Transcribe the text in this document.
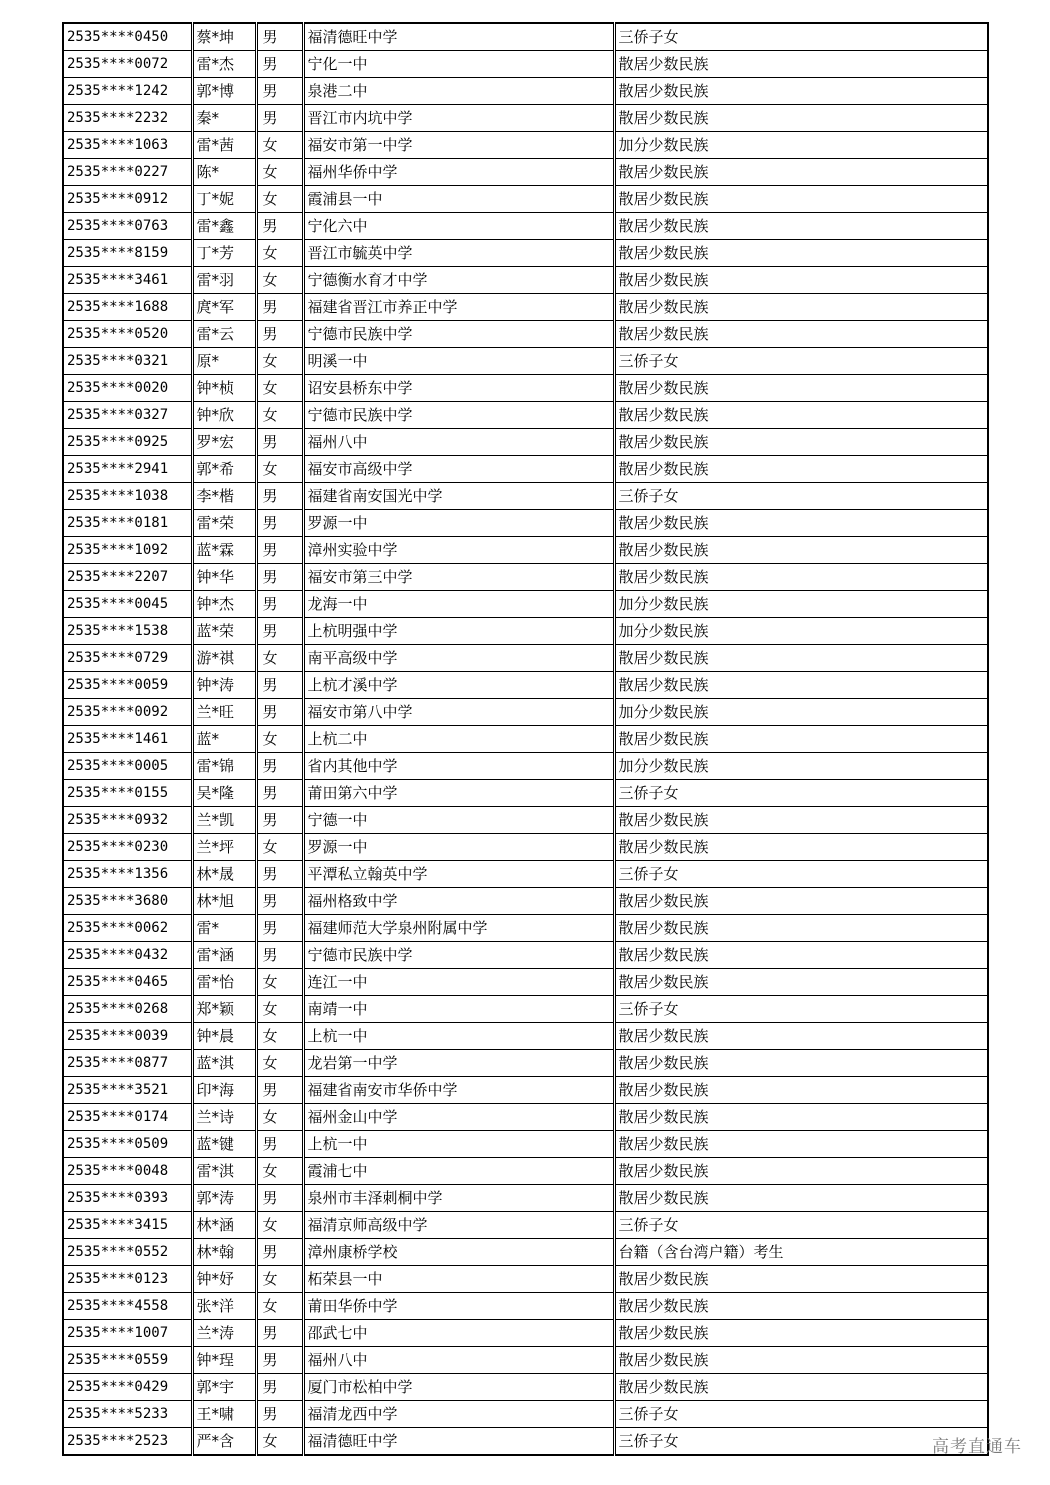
2535****0450	蔡*坤	男	福清德旺中学	三侨子女
2535****0072	雷*杰	男	宁化一中	散居少数民族
2535****1242	郭*博	男	泉港二中	散居少数民族
2535****2232	秦*	男	晋江市内坑中学	散居少数民族
2535****1063	雷*茜	女	福安市第一中学	加分少数民族
2535****0227	陈*	女	福州华侨中学	散居少数民族
2535****0912	丁*妮	女	霞浦县一中	散居少数民族
2535****0763	雷*鑫	男	宁化六中	散居少数民族
2535****8159	丁*芳	女	晋江市毓英中学	散居少数民族
2535****3461	雷*羽	女	宁德衡水育才中学	散居少数民族
2535****1688	庹*军	男	福建省晋江市养正中学	散居少数民族
2535****0520	雷*云	男	宁德市民族中学	散居少数民族
2535****0321	原*	女	明溪一中	三侨子女
2535****0020	钟*桢	女	诏安县桥东中学	散居少数民族
2535****0327	钟*欣	女	宁德市民族中学	散居少数民族
2535****0925	罗*宏	男	福州八中	散居少数民族
2535****2941	郭*希	女	福安市高级中学	散居少数民族
2535****1038	李*楷	男	福建省南安国光中学	三侨子女
2535****0181	雷*荣	男	罗源一中	散居少数民族
2535****1092	蓝*霖	男	漳州实验中学	散居少数民族
2535****2207	钟*华	男	福安市第三中学	散居少数民族
2535****0045	钟*杰	男	龙海一中	加分少数民族
2535****1538	蓝*荣	男	上杭明强中学	加分少数民族
2535****0729	游*祺	女	南平高级中学	散居少数民族
2535****0059	钟*涛	男	上杭才溪中学	散居少数民族
2535****0092	兰*旺	男	福安市第八中学	加分少数民族
2535****1461	蓝*	女	上杭二中	散居少数民族
2535****0005	雷*锦	男	省内其他中学	加分少数民族
2535****0155	吴*隆	男	莆田第六中学	三侨子女
2535****0932	兰*凯	男	宁德一中	散居少数民族
2535****0230	兰*坪	女	罗源一中	散居少数民族
2535****1356	林*晟	男	平潭私立翰英中学	三侨子女
2535****3680	林*旭	男	福州格致中学	散居少数民族
2535****0062	雷*	男	福建师范大学泉州附属中学	散居少数民族
2535****0432	雷*涵	男	宁德市民族中学	散居少数民族
2535****0465	雷*怡	女	连江一中	散居少数民族
2535****0268	郑*颖	女	南靖一中	三侨子女
2535****0039	钟*晨	女	上杭一中	散居少数民族
2535****0877	蓝*淇	女	龙岩第一中学	散居少数民族
2535****3521	印*海	男	福建省南安市华侨中学	散居少数民族
2535****0174	兰*诗	女	福州金山中学	散居少数民族
2535****0509	蓝*键	男	上杭一中	散居少数民族
2535****0048	雷*淇	女	霞浦七中	散居少数民族
2535****0393	郭*涛	男	泉州市丰泽刺桐中学	散居少数民族
2535****3415	林*涵	女	福清京师高级中学	三侨子女
2535****0552	林*翰	男	漳州康桥学校	台籍（含台湾户籍）考生
2535****0123	钟*妤	女	柘荣县一中	散居少数民族
2535****4558	张*洋	女	莆田华侨中学	散居少数民族
2535****1007	兰*涛	男	邵武七中	散居少数民族
2535****0559	钟*珵	男	福州八中	散居少数民族
2535****0429	郭*宇	男	厦门市松柏中学	散居少数民族
2535****5233	王*啸	男	福清龙西中学	三侨子女
2535****2523	严*含	女	福清德旺中学	三侨子女	高考直通车
